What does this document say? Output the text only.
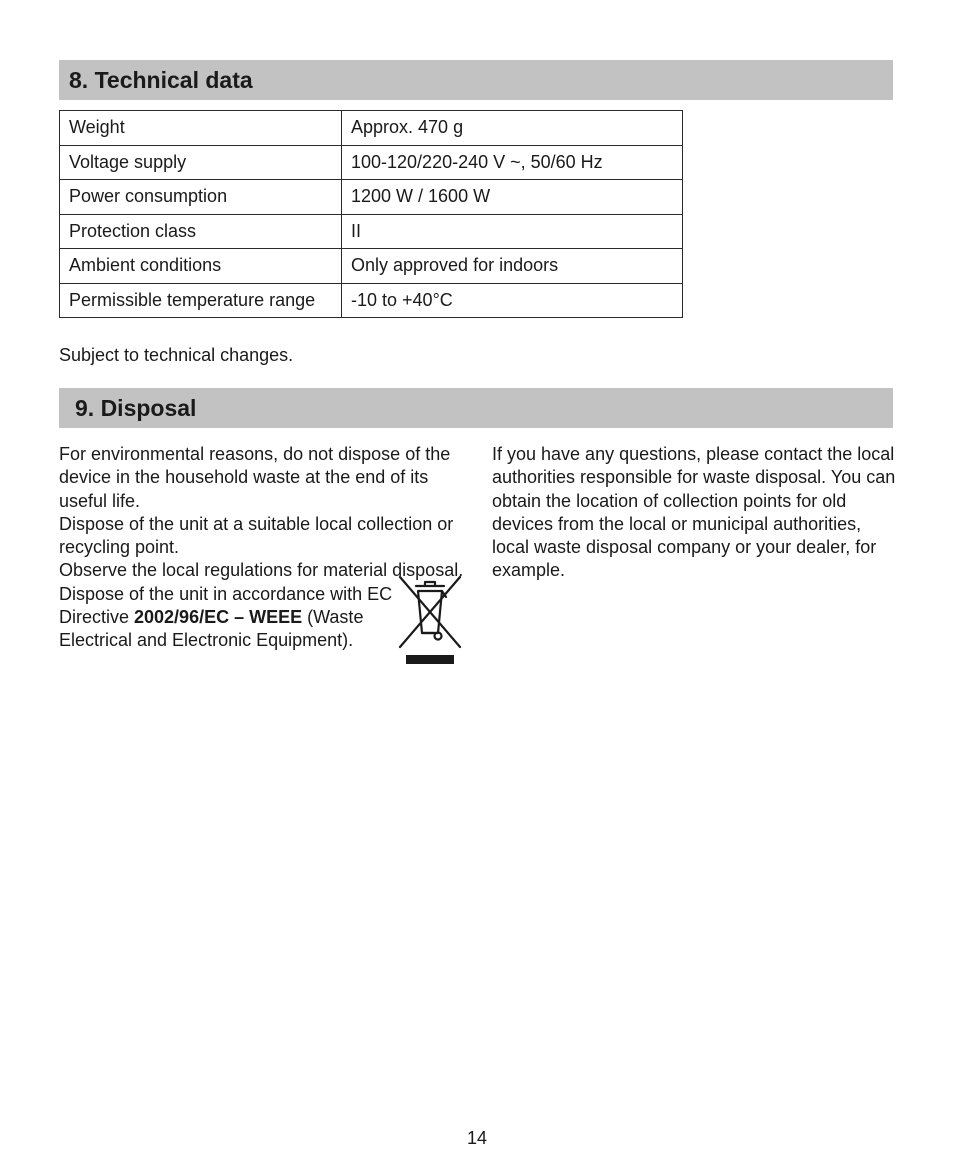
8. Technical data
Weight	Approx. 470 g
Voltage supply	100-120/220-240 V ~, 50/60 Hz
Power consumption	1200 W / 1600 W
Protection class	II
Ambient conditions	Only approved for indoors
Permissible temperature range	-10 to +40°C
Subject to technical changes.
9. Disposal

For environmental reasons, do not dispose of the device in the household waste at the end of its useful life.

Dispose of the unit at a suitable local collection or recycling point.

Observe the local regulations for material disposal.

Dispose of the unit in accordance with EC Directive 2002/96/EC – WEEE (Waste Electrical and Electronic Equipment).

If you have any questions, please contact the local authorities responsible for waste disposal. You can obtain the location of collection points for old devices from the local or municipal authorities, local waste disposal company or your dealer, for example.

14
